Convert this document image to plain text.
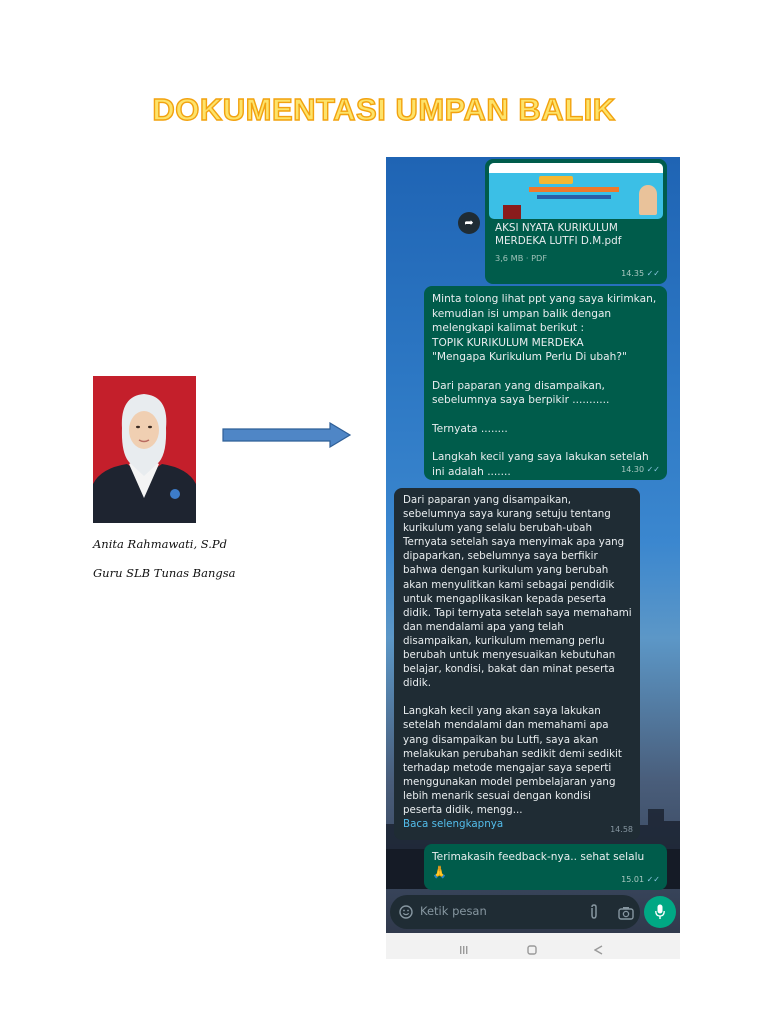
DOKUMENTASI UMPAN BALIK
Anita Rahmawati, S.Pd
Guru SLB Tunas Bangsa
➦	AKSI NYATA KURIKULUM MERDEKA LUTFI D.M.pdf
3,6 MB · PDF
14.35 ✓✓

Minta tolong lihat ppt yang saya kirimkan, kemudian isi umpan balik dengan melengkapi kalimat berikut :
TOPIK KURIKULUM MERDEKA
"Mengapa Kurikulum Perlu Di ubah?"

Dari paparan yang disampaikan, sebelumnya saya berpikir ...........

Ternyata ........

Langkah kecil yang saya lakukan setelah ini adalah .......	14.30 ✓✓

Dari paparan yang disampaikan, sebelumnya saya kurang setuju tentang kurikulum yang selalu berubah-ubah
Ternyata setelah saya menyimak apa yang dipaparkan, sebelumnya saya berfikir bahwa dengan kurikulum yang berubah akan menyulitkan kami sebagai pendidik untuk mengaplikasikan kepada peserta didik. Tapi ternyata setelah saya memahami dan mendalami apa yang telah disampaikan, kurikulum memang perlu berubah untuk menyesuaikan kebutuhan belajar, kondisi, bakat dan minat peserta didik.

Langkah kecil yang akan saya lakukan setelah mendalami dan memahami apa yang disampaikan bu Lutfi, saya akan melakukan perubahan sedikit demi sedikit terhadap metode mengajar saya seperti menggunakan model pembelajaran yang lebih menarik sesuai dengan kondisi peserta didik, mengg...

Baca selengkapnya	14.58
Terimakasih feedback-nya.. sehat selalu
🙏
15.01 ✓✓
Ketik pesan
